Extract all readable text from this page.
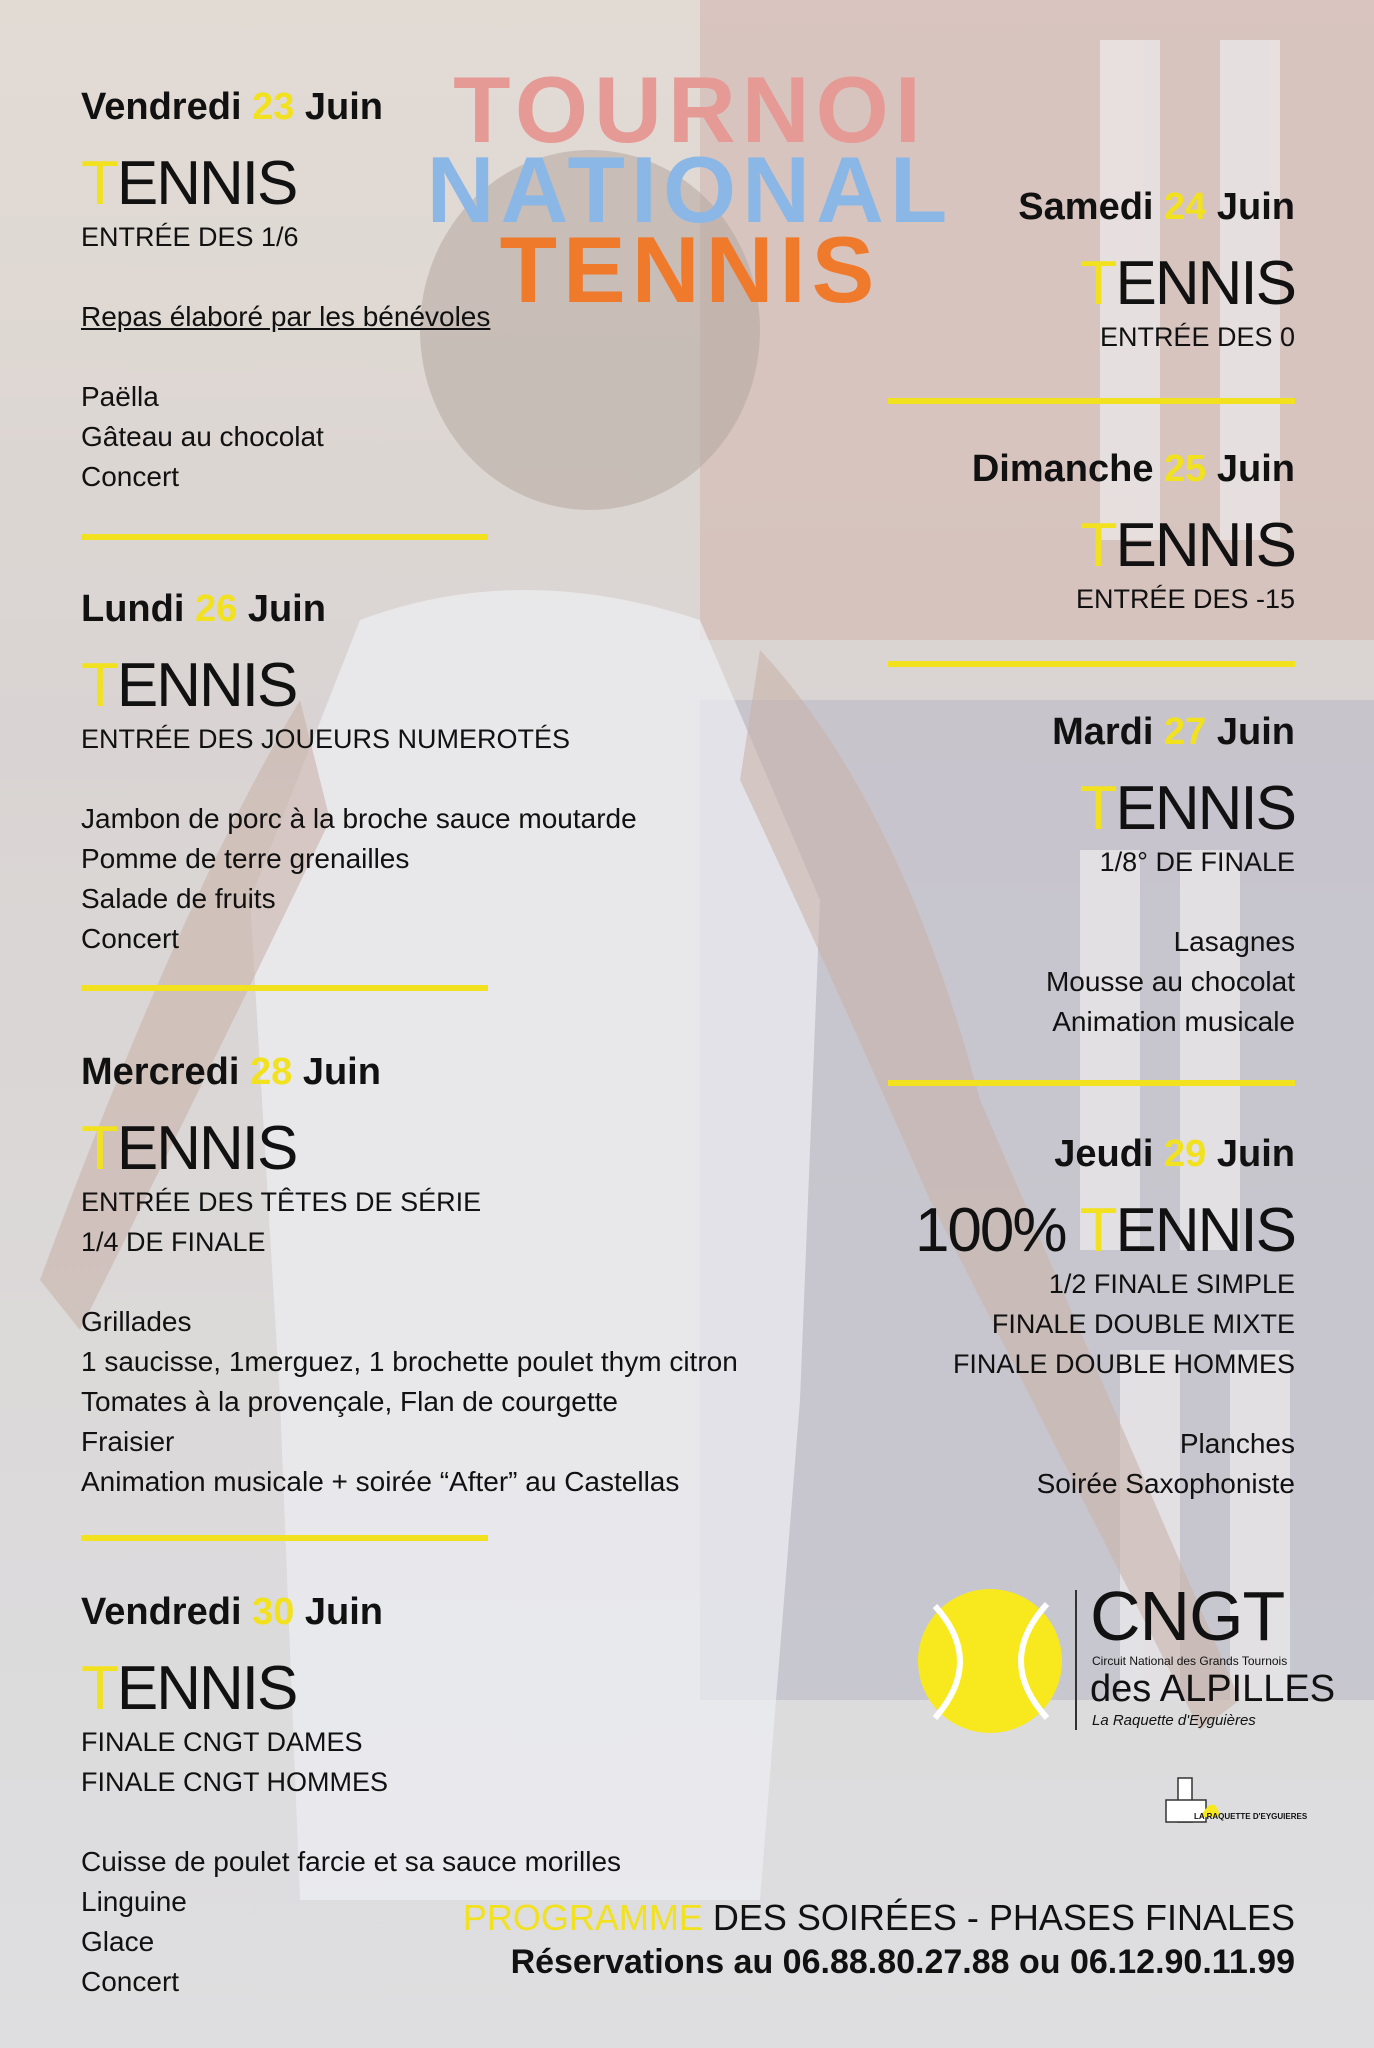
TOURNOI
NATIONAL
TENNIS
Vendredi 23 Juin
TENNIS
ENTRÉE DES 1/6
Repas élaboré par les bénévoles
Paëlla
Gâteau au chocolat
Concert
Lundi 26 Juin
TENNIS
ENTRÉE DES JOUEURS NUMEROTÉS
Jambon de porc à la broche sauce moutarde
Pomme de terre grenailles
Salade de fruits
Concert
Mercredi 28 Juin
TENNIS
ENTRÉE DES TÊTES DE SÉRIE
1/4 DE FINALE
Grillades
1 saucisse, 1merguez, 1 brochette poulet thym citron
Tomates à la provençale, Flan de courgette
Fraisier
Animation musicale + soirée “After” au Castellas
Vendredi 30 Juin
TENNIS
FINALE CNGT DAMES
FINALE CNGT HOMMES
Cuisse de poulet farcie et sa sauce morilles
Linguine
Glace
Concert
Samedi 24 Juin
TENNIS
ENTRÉE DES 0
Dimanche 25 Juin
TENNIS
ENTRÉE DES -15
Mardi 27 Juin
TENNIS
1/8° DE FINALE
Lasagnes
Mousse au chocolat
Animation musicale
Jeudi 29 Juin
100% TENNIS
1/2 FINALE SIMPLE
FINALE DOUBLE MIXTE
FINALE DOUBLE HOMMES
Planches
Soirée Saxophoniste
CNGT
Circuit National des Grands Tournois
des ALPILLES
La Raquette d'Eyguières
LA RAQUETTE D'EYGUIERES
PROGRAMME DES SOIRÉES - PHASES FINALES
Réservations au 06.88.80.27.88 ou 06.12.90.11.99
